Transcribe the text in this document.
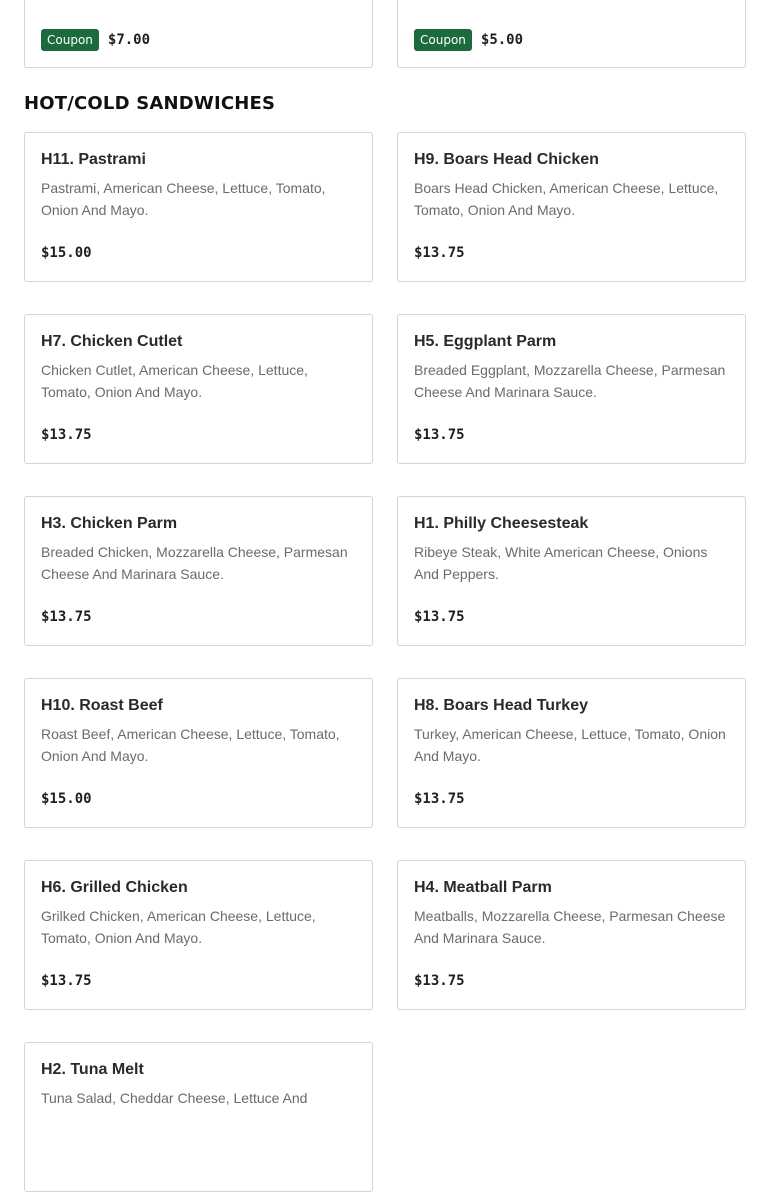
Coupon	$7.00	Coupon	$5.00
HOT/COLD SANDWICHES
H11. Pastrami
Pastrami, American Cheese, Lettuce, Tomato, Onion And Mayo.
$15.00
H9. Boars Head Chicken
Boars Head Chicken, American Cheese, Lettuce, Tomato, Onion And Mayo.
$13.75
H7. Chicken Cutlet
Chicken Cutlet, American Cheese, Lettuce, Tomato, Onion And Mayo.
$13.75
H5. Eggplant Parm
Breaded Eggplant, Mozzarella Cheese, Parmesan Cheese And Marinara Sauce.
$13.75
H3. Chicken Parm
Breaded Chicken, Mozzarella Cheese, Parmesan Cheese And Marinara Sauce.
$13.75
H1. Philly Cheesesteak
Ribeye Steak, White American Cheese, Onions And Peppers.
$13.75
H10. Roast Beef
Roast Beef, American Cheese, Lettuce, Tomato, Onion And Mayo.
$15.00
H8. Boars Head Turkey
Turkey, American Cheese, Lettuce, Tomato, Onion And Mayo.
$13.75
H6. Grilled Chicken
Grilked Chicken, American Cheese, Lettuce, Tomato, Onion And Mayo.
$13.75
H4. Meatball Parm
Meatballs, Mozzarella Cheese, Parmesan Cheese And Marinara Sauce.
$13.75
H2. Tuna Melt
Tuna Salad, Cheddar Cheese, Lettuce And
